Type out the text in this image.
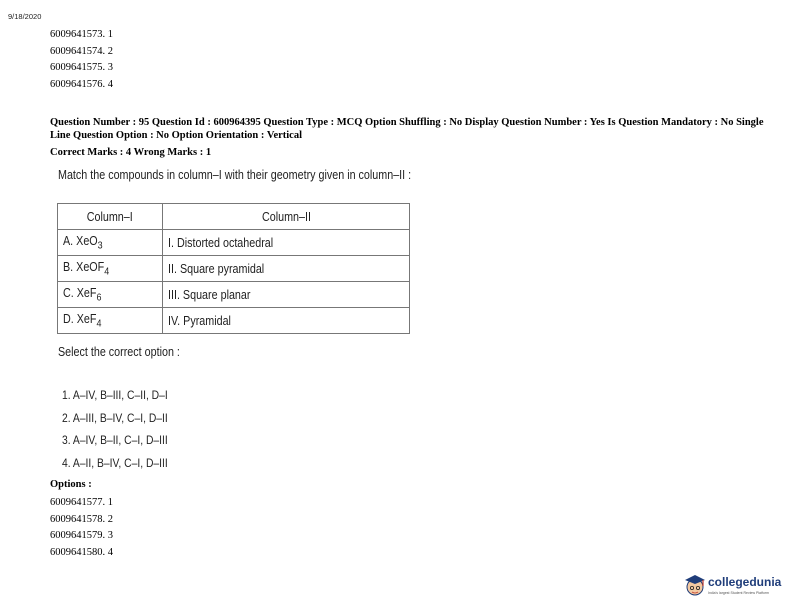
9/18/2020
6009641573. 1
6009641574. 2
6009641575. 3
6009641576. 4
Question Number : 95 Question Id : 600964395 Question Type : MCQ Option Shuffling : No Display Question Number : Yes Is Question Mandatory : No Single Line Question Option : No Option Orientation : Vertical
Correct Marks : 4 Wrong Marks : 1
Match the compounds in column–I with their geometry given in column–II :
Column–I	Column–II
A. XeO$_3$	I. Distorted octahedral
B. XeOF$_4$	II. Square pyramidal
C. XeF$_6$	III. Square planar
D. XeF$_4$	IV. Pyramidal
Select the correct option :
1. A–IV, B–III, C–II, D–I
2. A–III, B–IV, C–I, D–II
3. A–IV, B–II, C–I, D–III
4. A–II, B–IV, C–I, D–III
Options :
6009641577. 1
6009641578. 2
6009641579. 3
6009641580. 4
collegedunia
India's largest Student Review Platform
